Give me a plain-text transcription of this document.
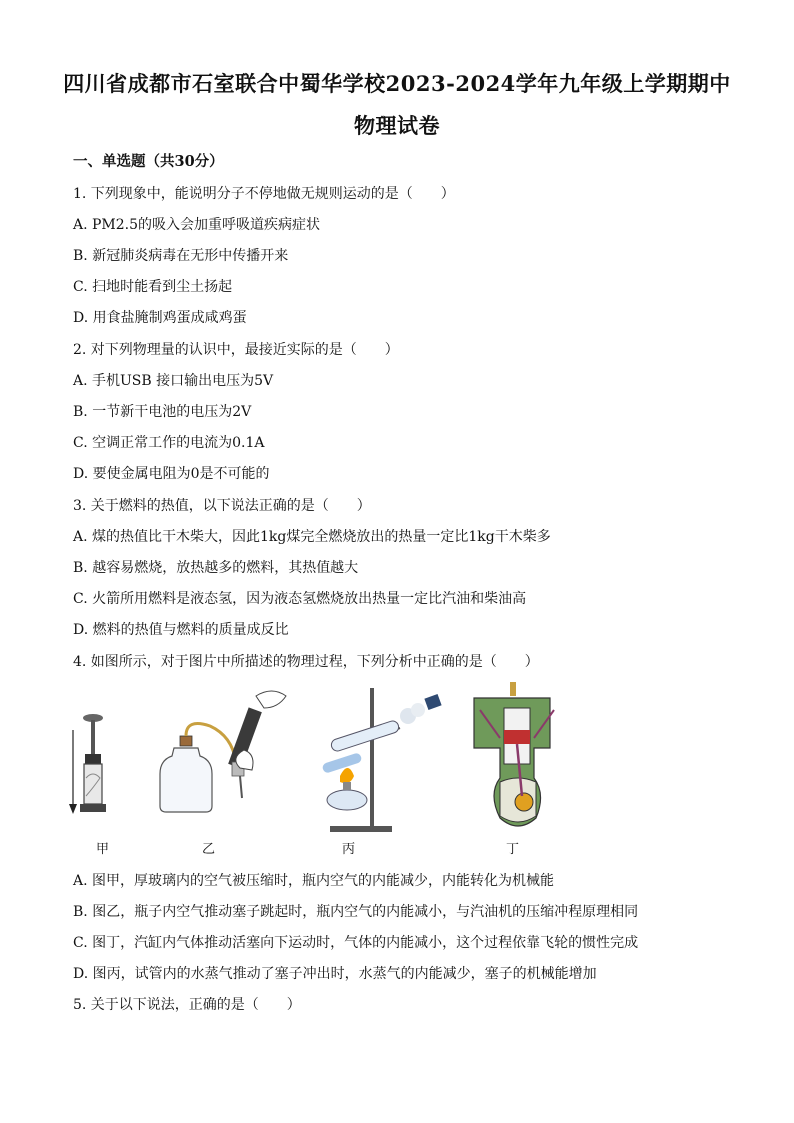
四川省成都市石室联合中蜀华学校2023-2024学年九年级上学期期中
物理试卷
一、单选题（共30分）
1. 下列现象中，能说明分子不停地做无规则运动的是（　　）
A. PM2.5的吸入会加重呼吸道疾病症状
B. 新冠肺炎病毒在无形中传播开来
C. 扫地时能看到尘土扬起
D. 用食盐腌制鸡蛋成咸鸡蛋
2. 对下列物理量的认识中，最接近实际的是（　　）
A. 手机USB 接口输出电压为5V
B. 一节新干电池的电压为2V
C. 空调正常工作的电流为0.1A
D. 要使金属电阻为0是不可能的
3. 关于燃料的热值，以下说法正确的是（　　）
A. 煤的热值比干木柴大，因此1kg煤完全燃烧放出的热量一定比1kg干木柴多
B. 越容易燃烧，放热越多的燃料，其热值越大
C. 火箭所用燃料是液态氢，因为液态氢燃烧放出热量一定比汽油和柴油高
D. 燃料的热值与燃料的质量成反比
4. 如图所示，对于图片中所描述的物理过程，下列分析中正确的是（　　）
甲	乙	丙	丁
A. 图甲，厚玻璃内的空气被压缩时，瓶内空气的内能减少，内能转化为机械能
B. 图乙，瓶子内空气推动塞子跳起时，瓶内空气的内能减小，与汽油机的压缩冲程原理相同
C. 图丁，汽缸内气体推动活塞向下运动时，气体的内能减小，这个过程依靠飞轮的惯性完成
D. 图丙，试管内的水蒸气推动了塞子冲出时，水蒸气的内能减少，塞子的机械能增加
5. 关于以下说法，正确的是（　　）
